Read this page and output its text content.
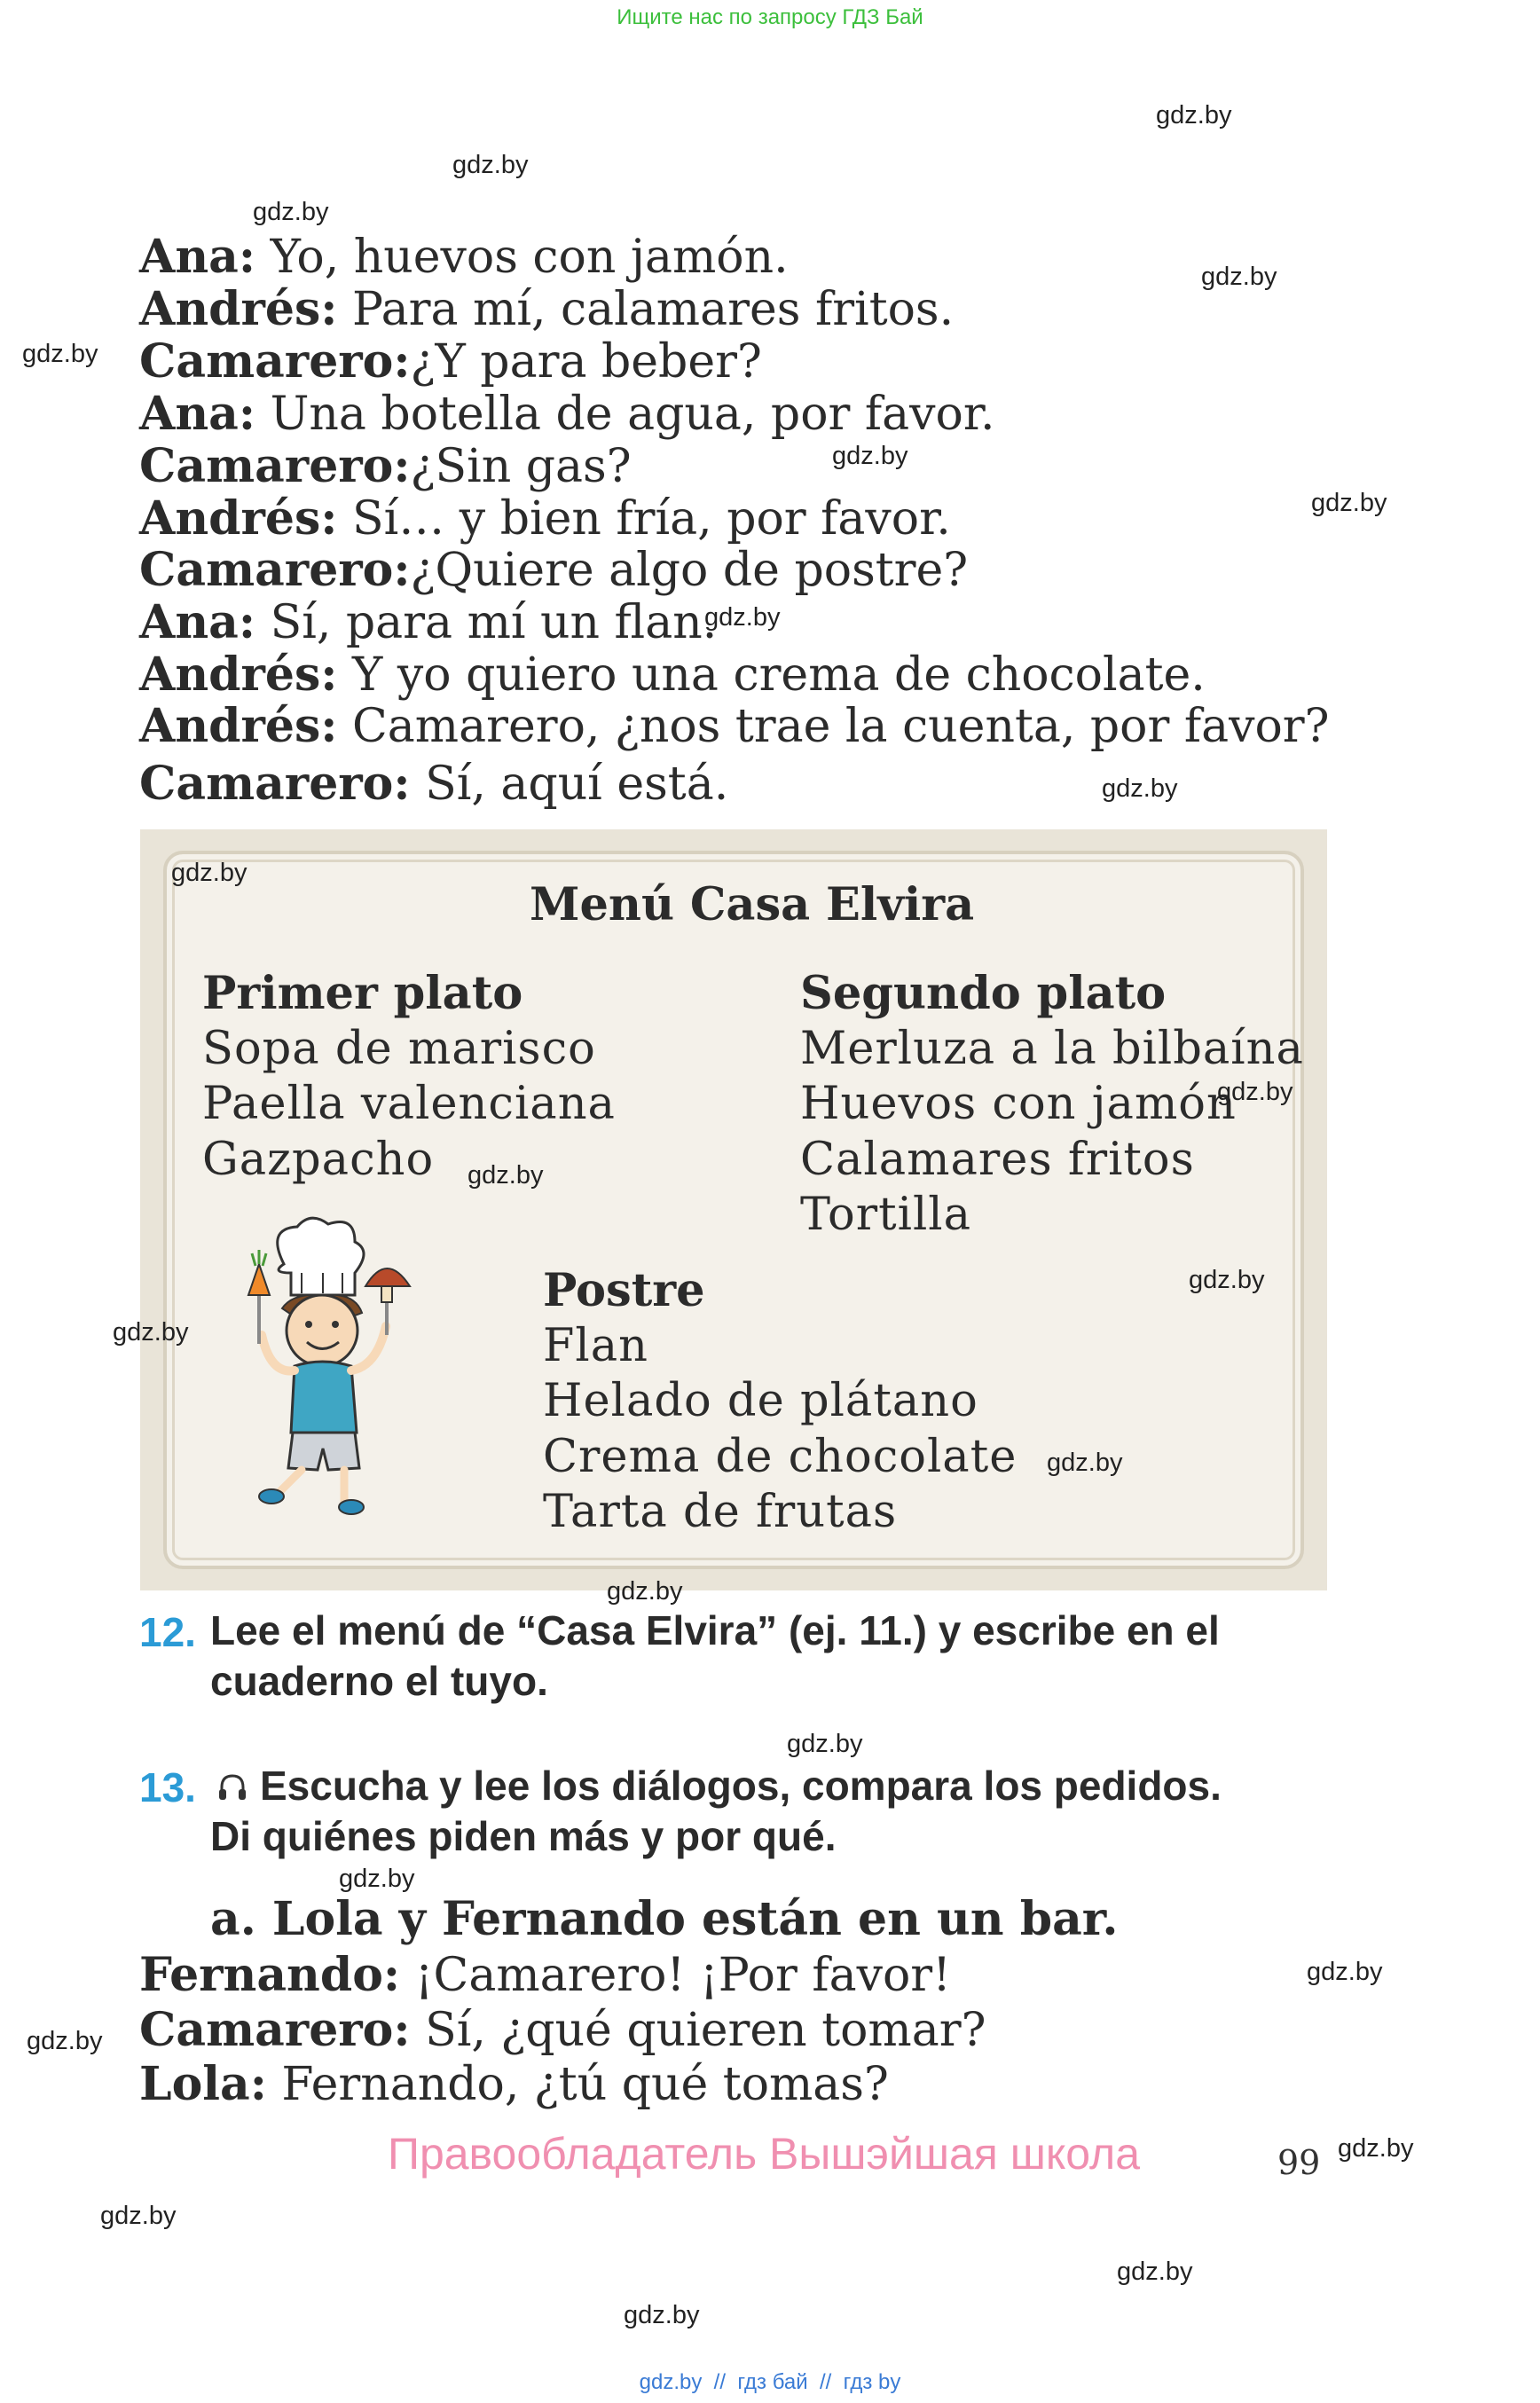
Ищите нас по запросу ГДЗ Бай
gdz.by
gdz.by
gdz.by
gdz.by
gdz.by
gdz.by
gdz.by
gdz.by
gdz.by
Ana: Yo, huevos con jamón.
Andrés: Para mí, calamares fritos.
Camarero:¿Y para beber?
Ana: Una botella de agua, por favor.
Camarero:¿Sin gas?
Andrés: Sí… y bien fría, por favor.
Camarero:¿Quiere algo de postre?
Ana: Sí, para mí un flan.
Andrés: Y yo quiero una crema de chocolate.
Andrés: Camarero, ¿nos trae la cuenta, por favor?
Camarero: Sí, aquí está.
Menú Casa Elvira
Primer plato
Sopa de marisco
Paella valenciana
Gazpacho
Segundo plato
Merluza a la bilbaína
Huevos con jamón
Calamares fritos
Tortilla
Postre
Flan
Helado de plátano
Crema de chocolate
Tarta de frutas
gdz.by
gdz.by
gdz.by
gdz.by
gdz.by
gdz.by
gdz.by
12. Lee el menú de “Casa Elvira” (ej. 11.) y escribe en el
cuaderno el tuyo.
gdz.by
13. Escucha y lee los diálogos, compara los pedidos.
Di quiénes piden más y por qué.
gdz.by
a. Lola y Fernando están en un bar.
Fernando: ¡Camarero! ¡Por favor!
Camarero: Sí, ¿qué quieren tomar?
Lola: Fernando, ¿tú qué tomas?
gdz.by
gdz.by
Правообладатель Вышэйшая школа	99 gdz.by
gdz.by
gdz.by
gdz.by
gdz.by  //  гдз бай  //  гдз by
